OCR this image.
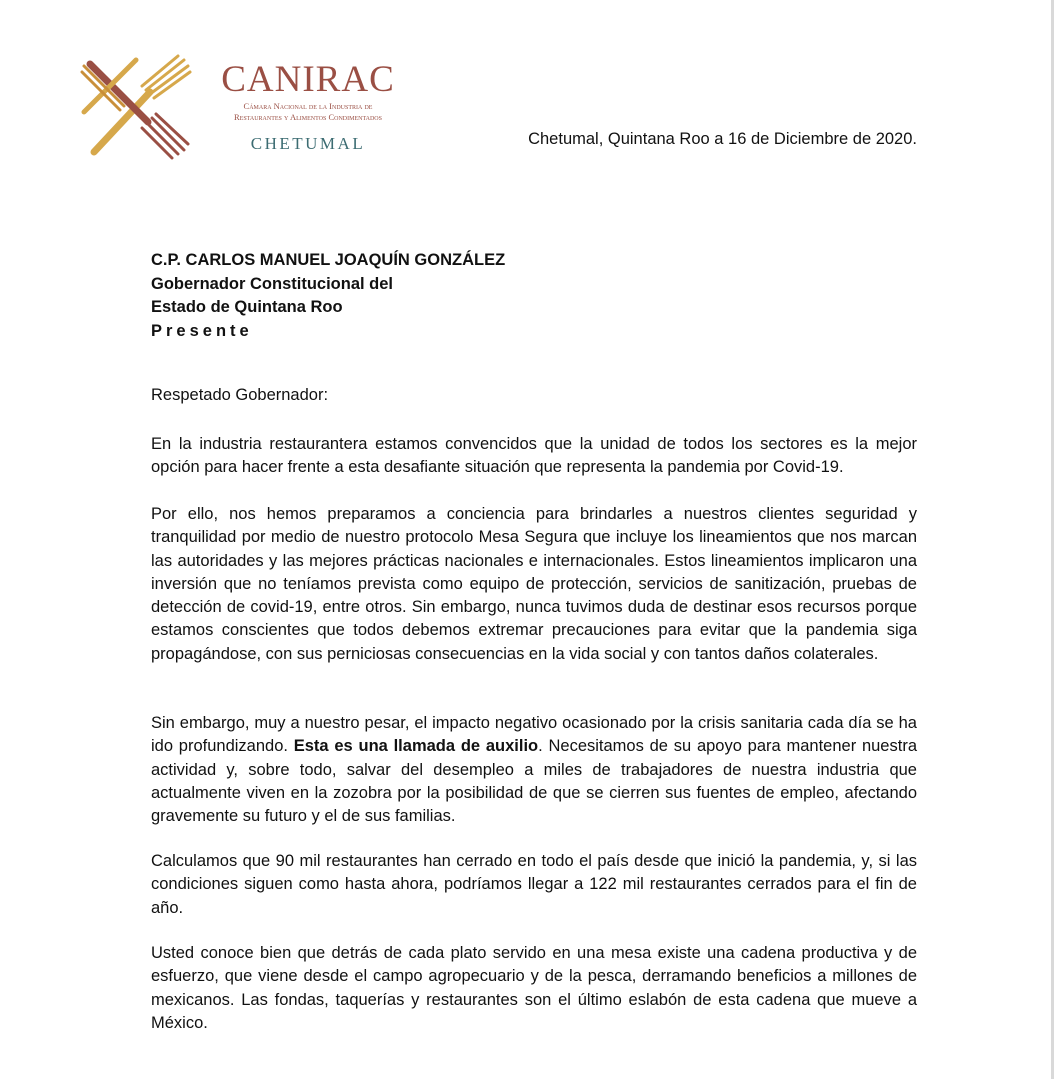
CANIRAC
Cámara Nacional de la Industria de
Restaurantes y Alimentos Condimentados
CHETUMAL	Chetumal, Quintana Roo a 16 de Diciembre de 2020.
C.P. CARLOS MANUEL JOAQUÍN GONZÁLEZ
Gobernador Constitucional del
Estado de Quintana Roo
Presente
Respetado Gobernador:

En la industria restaurantera estamos convencidos que la unidad de todos los sectores es la mejor opción para hacer frente a esta desafiante situación que representa la pandemia por Covid-19.

Por ello, nos hemos preparamos a conciencia para brindarles a nuestros clientes seguridad y tranquilidad por medio de nuestro protocolo Mesa Segura que incluye los lineamientos que nos marcan las autoridades y las mejores prácticas nacionales e internacionales. Estos lineamientos implicaron una inversión que no teníamos prevista como equipo de protección, servicios de sanitización, pruebas de detección de covid-19, entre otros. Sin embargo, nunca tuvimos duda de destinar esos recursos porque estamos conscientes que todos debemos extremar precauciones para evitar que la pandemia siga propagándose, con sus perniciosas consecuencias en la vida social y con tantos daños colaterales.

Sin embargo, muy a nuestro pesar, el impacto negativo ocasionado por la crisis sanitaria cada día se ha ido profundizando. Esta es una llamada de auxilio. Necesitamos de su apoyo para mantener nuestra actividad y, sobre todo, salvar del desempleo a miles de trabajadores de nuestra industria que actualmente viven en la zozobra por la posibilidad de que se cierren sus fuentes de empleo, afectando gravemente su futuro y el de sus familias.

Calculamos que 90 mil restaurantes han cerrado en todo el país desde que inició la pandemia, y, si las condiciones siguen como hasta ahora, podríamos llegar a 122 mil restaurantes cerrados para el fin de año.

Usted conoce bien que detrás de cada plato servido en una mesa existe una cadena productiva y de esfuerzo, que viene desde el campo agropecuario y de la pesca, derramando beneficios a millones de mexicanos. Las fondas, taquerías y restaurantes son el último eslabón de esta cadena que mueve a México.
